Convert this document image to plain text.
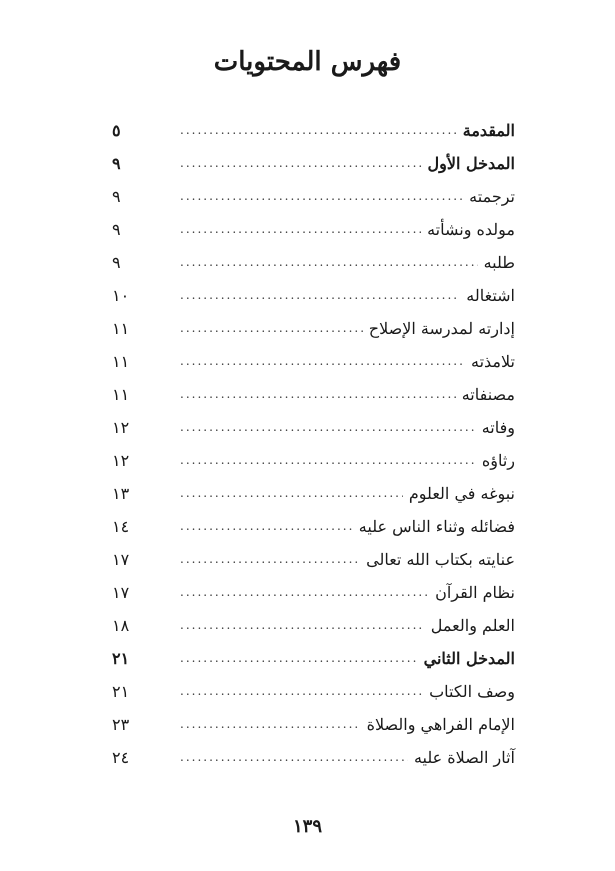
فهرس المحتويات
المقدمة
.....
٥
المدخل الأول
.....
٩
ترجمته
.....
٩
مولده ونشأته
.....
٩
طلبه
.....
٩
اشتغاله
.....
١٠
إدارته لمدرسة الإصلاح
.....
١١
تلامذته
.....
١١
مصنفاته
.....
١١
وفاته
.....
١٢
رثاؤه
.....
١٢
نبوغه في العلوم
.....
١٣
فضائله وثناء الناس عليه
.....
١٤
عنايته بكتاب الله تعالى
.....
١٧
نظام القرآن
.....
١٧
العلم والعمل
.....
١٨
المدخل الثاني
.....
٢١
وصف الكتاب
.....
٢١
الإمام الفراهي والصلاة
.....
٢٣
آثار الصلاة عليه
.....
٢٤
١٣٩
